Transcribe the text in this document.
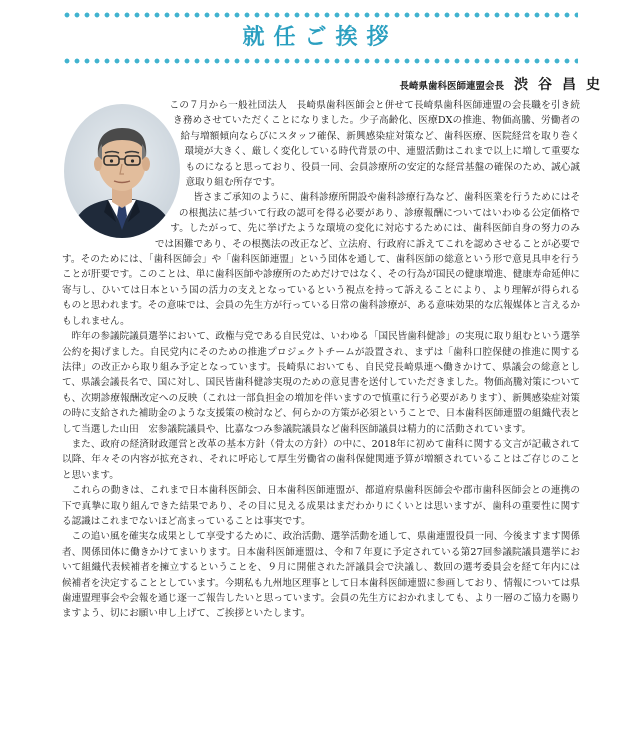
就任ご挨拶
長崎県歯科医師連盟会長 渋谷昌史

この７月から一般社団法人　長崎県歯科医師会と併せて長崎県歯科医師連盟の会長職を引き続き務めさせていただくことになりました。少子高齢化、医療DXの推進、物価高騰、労働者の給与増額傾向ならびにスタッフ確保、新興感染症対策など、歯科医療、医院経営を取り巻く環境が大きく、厳しく変化している時代背景の中、連盟活動はこれまで以上に増して重要なものになると思っており、役員一同、会員診療所の安定的な経営基盤の確保のため、誠心誠意取り組む所存です。

皆さまご承知のように、歯科診療所開設や歯科診療行為など、歯科医業を行うためにはその根拠法に基づいて行政の認可を得る必要があり、診療報酬についてはいわゆる公定価格です。したがって、先に挙げたような環境の変化に対応するためには、歯科医師自身の努力のみでは困難であり、その根拠法の改正など、立法府、行政府に訴えてこれを認めさせることが必要です。そのためには、「歯科医師会」や「歯科医師連盟」という団体を通して、歯科医師の総意という形で意見具申を行うことが肝要です。このことは、単に歯科医師や診療所のためだけではなく、その行為が国民の健康増進、健康寿命延伸に寄与し、ひいては日本という国の活力の支えとなっているという視点を持って訴えることにより、より理解が得られるものと思われます。その意味では、会員の先生方が行っている日常の歯科診療が、ある意味効果的な広報媒体と言えるかもしれません。

昨年の参議院議員選挙において、政権与党である自民党は、いわゆる「国民皆歯科健診」の実現に取り組むという選挙公約を掲げました。自民党内にそのための推進プロジェクトチームが設置され、まずは「歯科口腔保健の推進に関する法律」の改正から取り組み予定となっています。長崎県においても、自民党長崎県連へ働きかけて、県議会の総意として、県議会議長名で、国に対し、国民皆歯科健診実現のための意見書を送付していただきました。物価高騰対策についても、次期診療報酬改定への反映（これは一部負担金の増加を伴いますので慎重に行う必要があります）、新興感染症対策の時に支給された補助金のような支援策の検討など、何らかの方策が必須ということで、日本歯科医師連盟の組織代表として当選した山田　宏参議院議員や、比嘉なつみ参議院議員など歯科医師議員は精力的に活動されています。

また、政府の経済財政運営と改革の基本方針（骨太の方針）の中に、2018年に初めて歯科に関する文言が記載されて以降、年々その内容が拡充され、それに呼応して厚生労働省の歯科保健関連予算が増額されていることはご存じのことと思います。

これらの動きは、これまで日本歯科医師会、日本歯科医師連盟が、都道府県歯科医師会や郡市歯科医師会との連携の下で真摯に取り組んできた結果であり、その目に見える成果はまだわかりにくいとは思いますが、歯科の重要性に関する認識はこれまでないほど高まっていることは事実です。

この追い風を確実な成果として享受するために、政治活動、選挙活動を通して、県歯連盟役員一同、今後ますます関係者、関係団体に働きかけてまいります。日本歯科医師連盟は、令和７年夏に予定されている第27回参議院議員選挙において組織代表候補者を擁立するということを、９月に開催された評議員会で決議し、数回の選考委員会を経て年内には候補者を決定することとしています。今期私も九州地区理事として日本歯科医師連盟に参画しており、情報については県歯連盟理事会や会報を通じ逐一ご報告したいと思っています。会員の先生方におかれましても、より一層のご協力を賜りますよう、切にお願い申し上げて、ご挨拶といたします。
